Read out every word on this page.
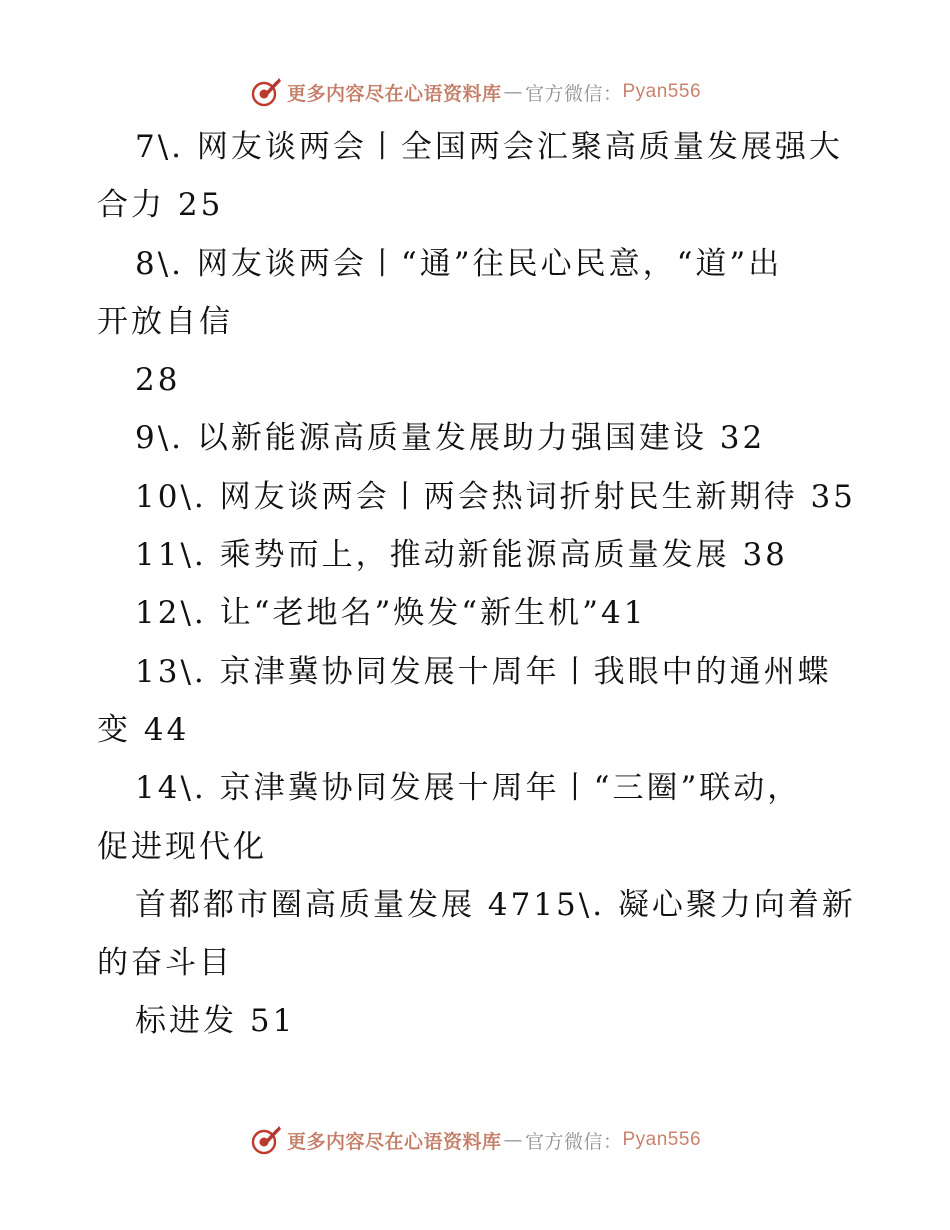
更多内容尽在心语资料库 — 官方微信： Pyan556
7\. 网友谈两会丨全国两会汇聚高质量发展强大
合力 25
8\. 网友谈两会丨“通”往民心民意，“道”出
开放自信
28
9\. 以新能源高质量发展助力强国建设 32
10\. 网友谈两会丨两会热词折射民生新期待 35
11\. 乘势而上，推动新能源高质量发展 38
12\. 让“老地名”焕发“新生机”41
13\. 京津冀协同发展十周年丨我眼中的通州蝶
变 44
14\. 京津冀协同发展十周年丨“三圈”联动，
促进现代化
首都都市圈高质量发展 4715\. 凝心聚力向着新
的奋斗目
标进发 51
更多内容尽在心语资料库 — 官方微信： Pyan556
